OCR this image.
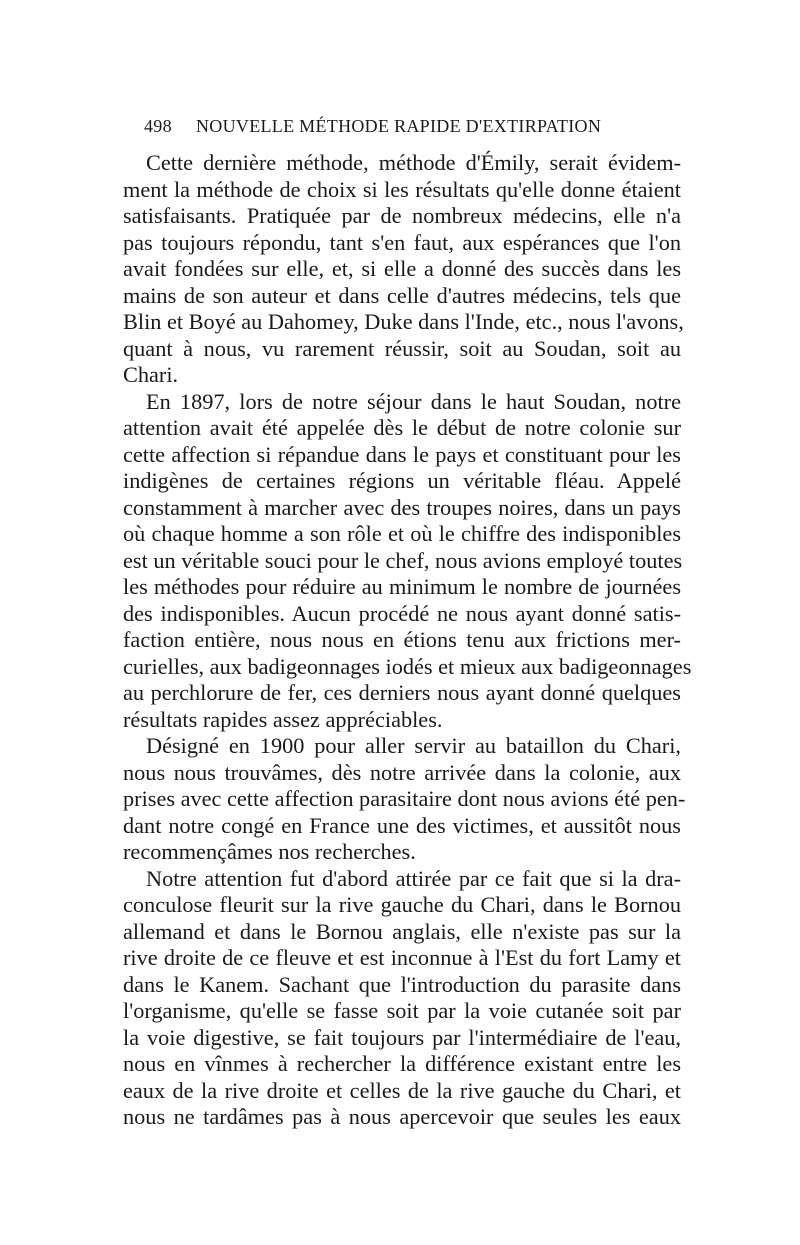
498 NOUVELLE MÉTHODE RAPIDE D'EXTIRPATION
Cette dernière méthode, méthode d'Émily, serait évidem-
ment la méthode de choix si les résultats qu'elle donne étaient
satisfaisants. Pratiquée par de nombreux médecins, elle n'a
pas toujours répondu, tant s'en faut, aux espérances que l'on
avait fondées sur elle, et, si elle a donné des succès dans les
mains de son auteur et dans celle d'autres médecins, tels que
Blin et Boyé au Dahomey, Duke dans l'Inde, etc., nous l'avons,
quant à nous, vu rarement réussir, soit au Soudan, soit au
Chari.
En 1897, lors de notre séjour dans le haut Soudan, notre
attention avait été appelée dès le début de notre colonie sur
cette affection si répandue dans le pays et constituant pour les
indigènes de certaines régions un véritable fléau. Appelé
constamment à marcher avec des troupes noires, dans un pays
où chaque homme a son rôle et où le chiffre des indisponibles
est un véritable souci pour le chef, nous avions employé toutes
les méthodes pour réduire au minimum le nombre de journées
des indisponibles. Aucun procédé ne nous ayant donné satis-
faction entière, nous nous en étions tenu aux frictions mer-
curielles, aux badigeonnages iodés et mieux aux badigeonnages
au perchlorure de fer, ces derniers nous ayant donné quelques
résultats rapides assez appréciables.
Désigné en 1900 pour aller servir au bataillon du Chari,
nous nous trouvâmes, dès notre arrivée dans la colonie, aux
prises avec cette affection parasitaire dont nous avions été pen-
dant notre congé en France une des victimes, et aussitôt nous
recommençâmes nos recherches.
Notre attention fut d'abord attirée par ce fait que si la dra-
conculose fleurit sur la rive gauche du Chari, dans le Bornou
allemand et dans le Bornou anglais, elle n'existe pas sur la
rive droite de ce fleuve et est inconnue à l'Est du fort Lamy et
dans le Kanem. Sachant que l'introduction du parasite dans
l'organisme, qu'elle se fasse soit par la voie cutanée soit par
la voie digestive, se fait toujours par l'intermédiaire de l'eau,
nous en vînmes à rechercher la différence existant entre les
eaux de la rive droite et celles de la rive gauche du Chari, et
nous ne tardâmes pas à nous apercevoir que seules les eaux
